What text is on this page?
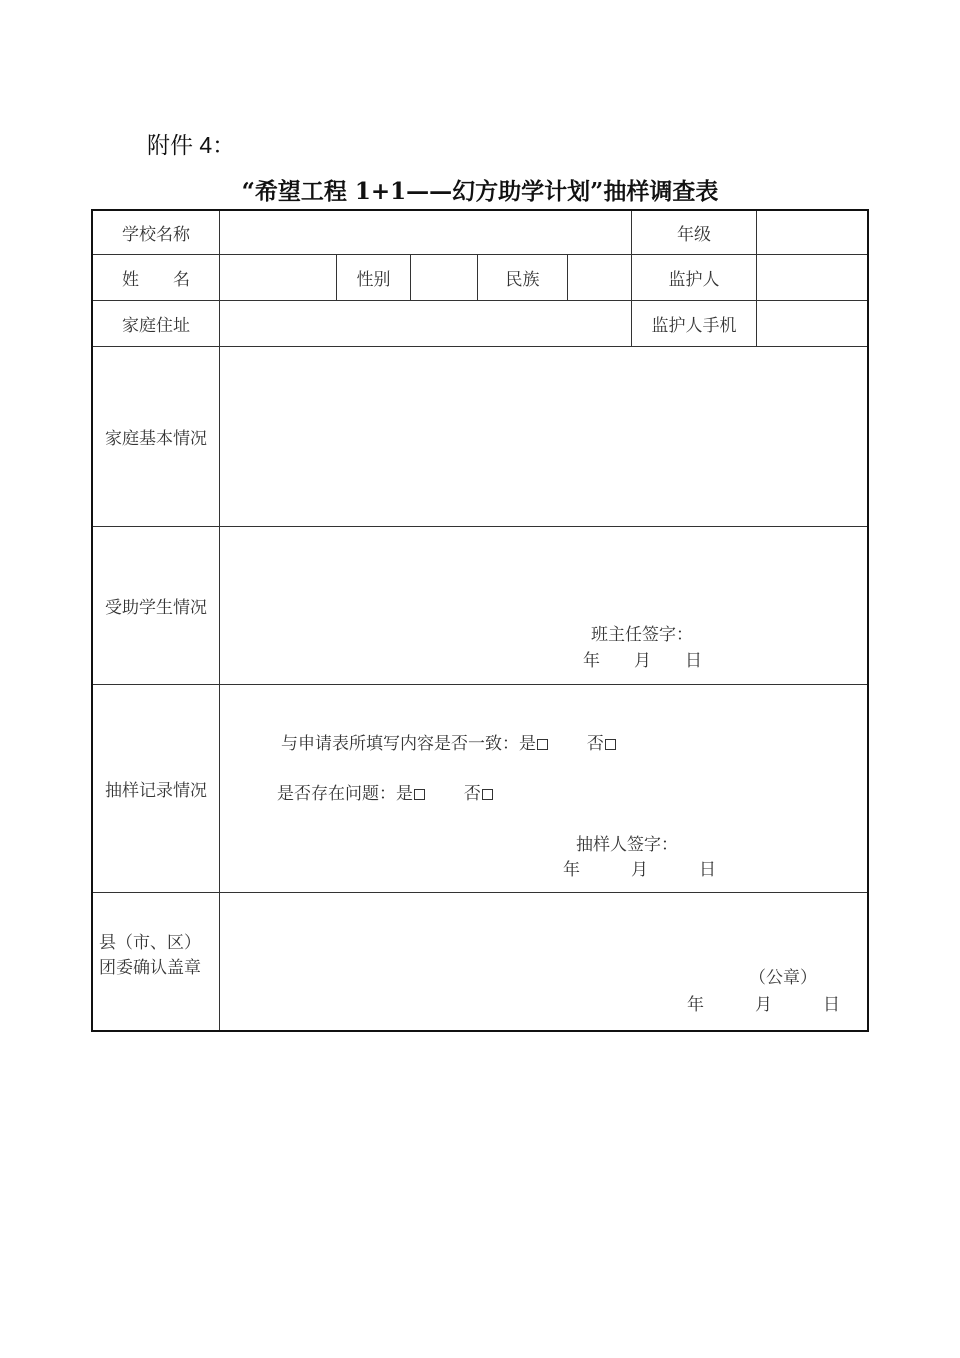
附件 4：
“希望工程 1+1——幻方助学计划”抽样调查表
学校名称	年级
姓　　名	性别	民族	监护人
家庭住址	监护人手机
家庭基本情况
受助学生情况
班主任签字：
年　　月　　日
抽样记录情况
与申请表所填写内容是否一致：是	否
是否存在问题：是	否
抽样人签字：
年　　　月　　　日
县（市、区）
团委确认盖章
（公章）
年　　　月　　　日
